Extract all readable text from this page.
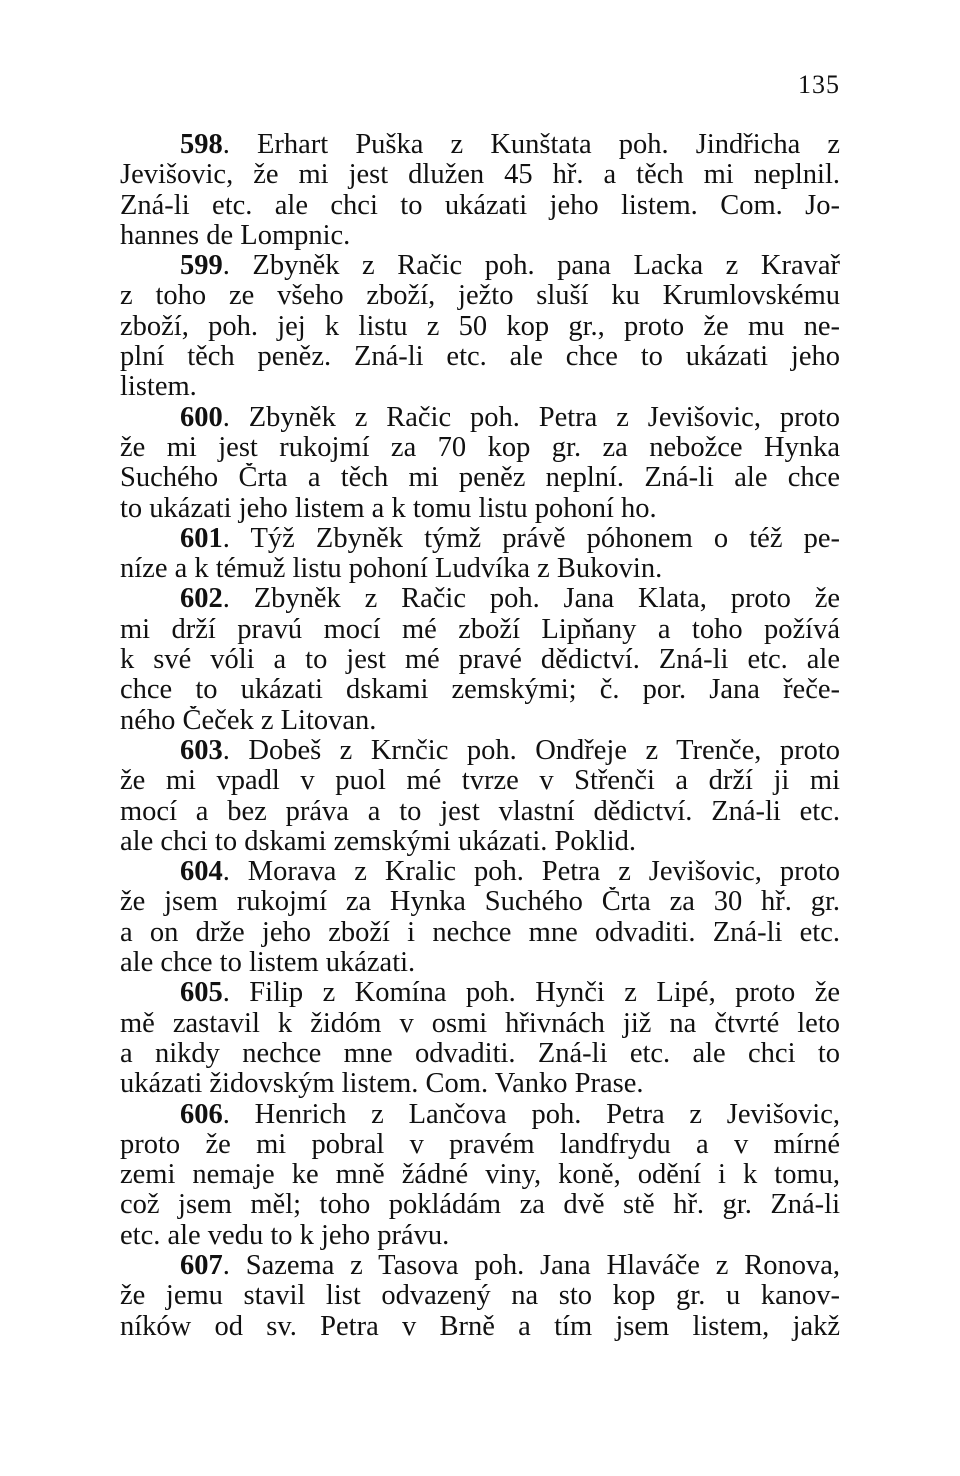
135
598. Erhart Puška z Kunštata poh. Jindřicha z
Jevišovic, že mi jest dlužen 45 hř. a těch mi neplnil.
Zná-li etc. ale chci to ukázati jeho listem. Com. Jo-
hannes de Lompnic.
599. Zbyněk z Račic poh. pana Lacka z Kravař
z toho ze všeho zboží, ježto sluší ku Krumlovskému
zboží, poh. jej k listu z 50 kop gr., proto že mu ne-
plní těch peněz. Zná-li etc. ale chce to ukázati jeho
listem.
600. Zbyněk z Račic poh. Petra z Jevišovic, proto
že mi jest rukojmí za 70 kop gr. za nebožce Hynka
Suchého Črta a těch mi peněz neplní. Zná-li ale chce
to ukázati jeho listem a k tomu listu pohoní ho.
601. Týž Zbyněk týmž právě póhonem o též pe-
níze a k témuž listu pohoní Ludvíka z Bukovin.
602. Zbyněk z Račic poh. Jana Klata, proto že
mi drží pravú mocí mé zboží Lipňany a toho požívá
k své vóli a to jest mé pravé dědictví. Zná-li etc. ale
chce to ukázati dskami zemskými; č. por. Jana řeče-
ného Čeček z Litovan.
603. Dobeš z Krnčic poh. Ondřeje z Trenče, proto
že mi vpadl v puol mé tvrze v Střenči a drží ji mi
mocí a bez práva a to jest vlastní dědictví. Zná-li etc.
ale chci to dskami zemskými ukázati. Poklid.
604. Morava z Kralic poh. Petra z Jevišovic, proto
že jsem rukojmí za Hynka Suchého Črta za 30 hř. gr.
a on drže jeho zboží i nechce mne odvaditi. Zná-li etc.
ale chce to listem ukázati.
605. Filip z Komína poh. Hynči z Lipé, proto že
mě zastavil k židóm v osmi hřivnách již na čtvrté leto
a nikdy nechce mne odvaditi. Zná-li etc. ale chci to
ukázati židovským listem. Com. Vanko Prase.
606. Henrich z Lančova poh. Petra z Jevišovic,
proto že mi pobral v pravém landfrydu a v mírné
zemi nemaje ke mně žádné viny, koně, odění i k tomu,
což jsem měl; toho pokládám za dvě stě hř. gr. Zná-li
etc. ale vedu to k jeho právu.
607. Sazema z Tasova poh. Jana Hlaváče z Ronova,
že jemu stavil list odvazený na sto kop gr. u kanov-
níków od sv. Petra v Brně a tím jsem listem, jakž
